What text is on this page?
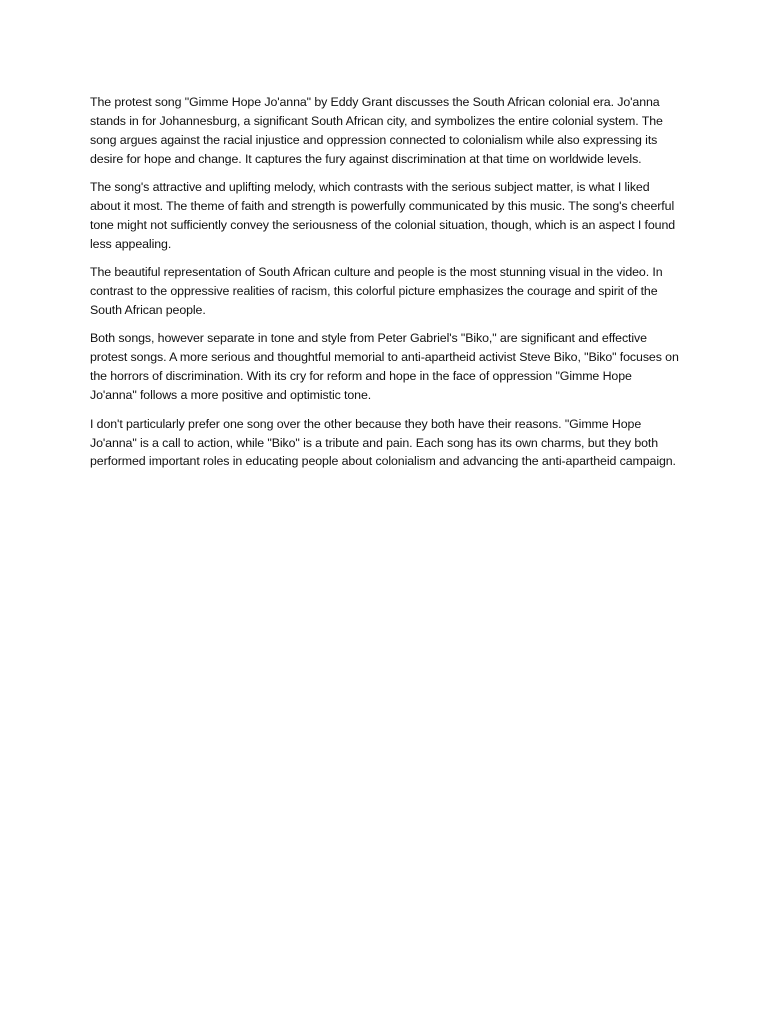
The protest song "Gimme Hope Jo'anna" by Eddy Grant discusses the South African colonial era. Jo'anna stands in for Johannesburg, a significant South African city, and symbolizes the entire colonial system. The song argues against the racial injustice and oppression connected to colonialism while also expressing its desire for hope and change. It captures the fury against discrimination at that time on worldwide levels.

The song's attractive and uplifting melody, which contrasts with the serious subject matter, is what I liked about it most. The theme of faith and strength is powerfully communicated by this music. The song's cheerful tone might not sufficiently convey the seriousness of the colonial situation, though, which is an aspect I found less appealing.

The beautiful representation of South African culture and people is the most stunning visual in the video. In contrast to the oppressive realities of racism, this colorful picture emphasizes the courage and spirit of the South African people.

Both songs, however separate in tone and style from Peter Gabriel's "Biko," are significant and effective protest songs. A more serious and thoughtful memorial to anti-apartheid activist Steve Biko, "Biko" focuses on the horrors of discrimination. With its cry for reform and hope in the face of oppression "Gimme Hope Jo'anna" follows a more positive and optimistic tone.

I don't particularly prefer one song over the other because they both have their reasons. "Gimme Hope Jo'anna" is a call to action, while "Biko" is a tribute and pain. Each song has its own charms, but they both performed important roles in educating people about colonialism and advancing the anti-apartheid campaign.
